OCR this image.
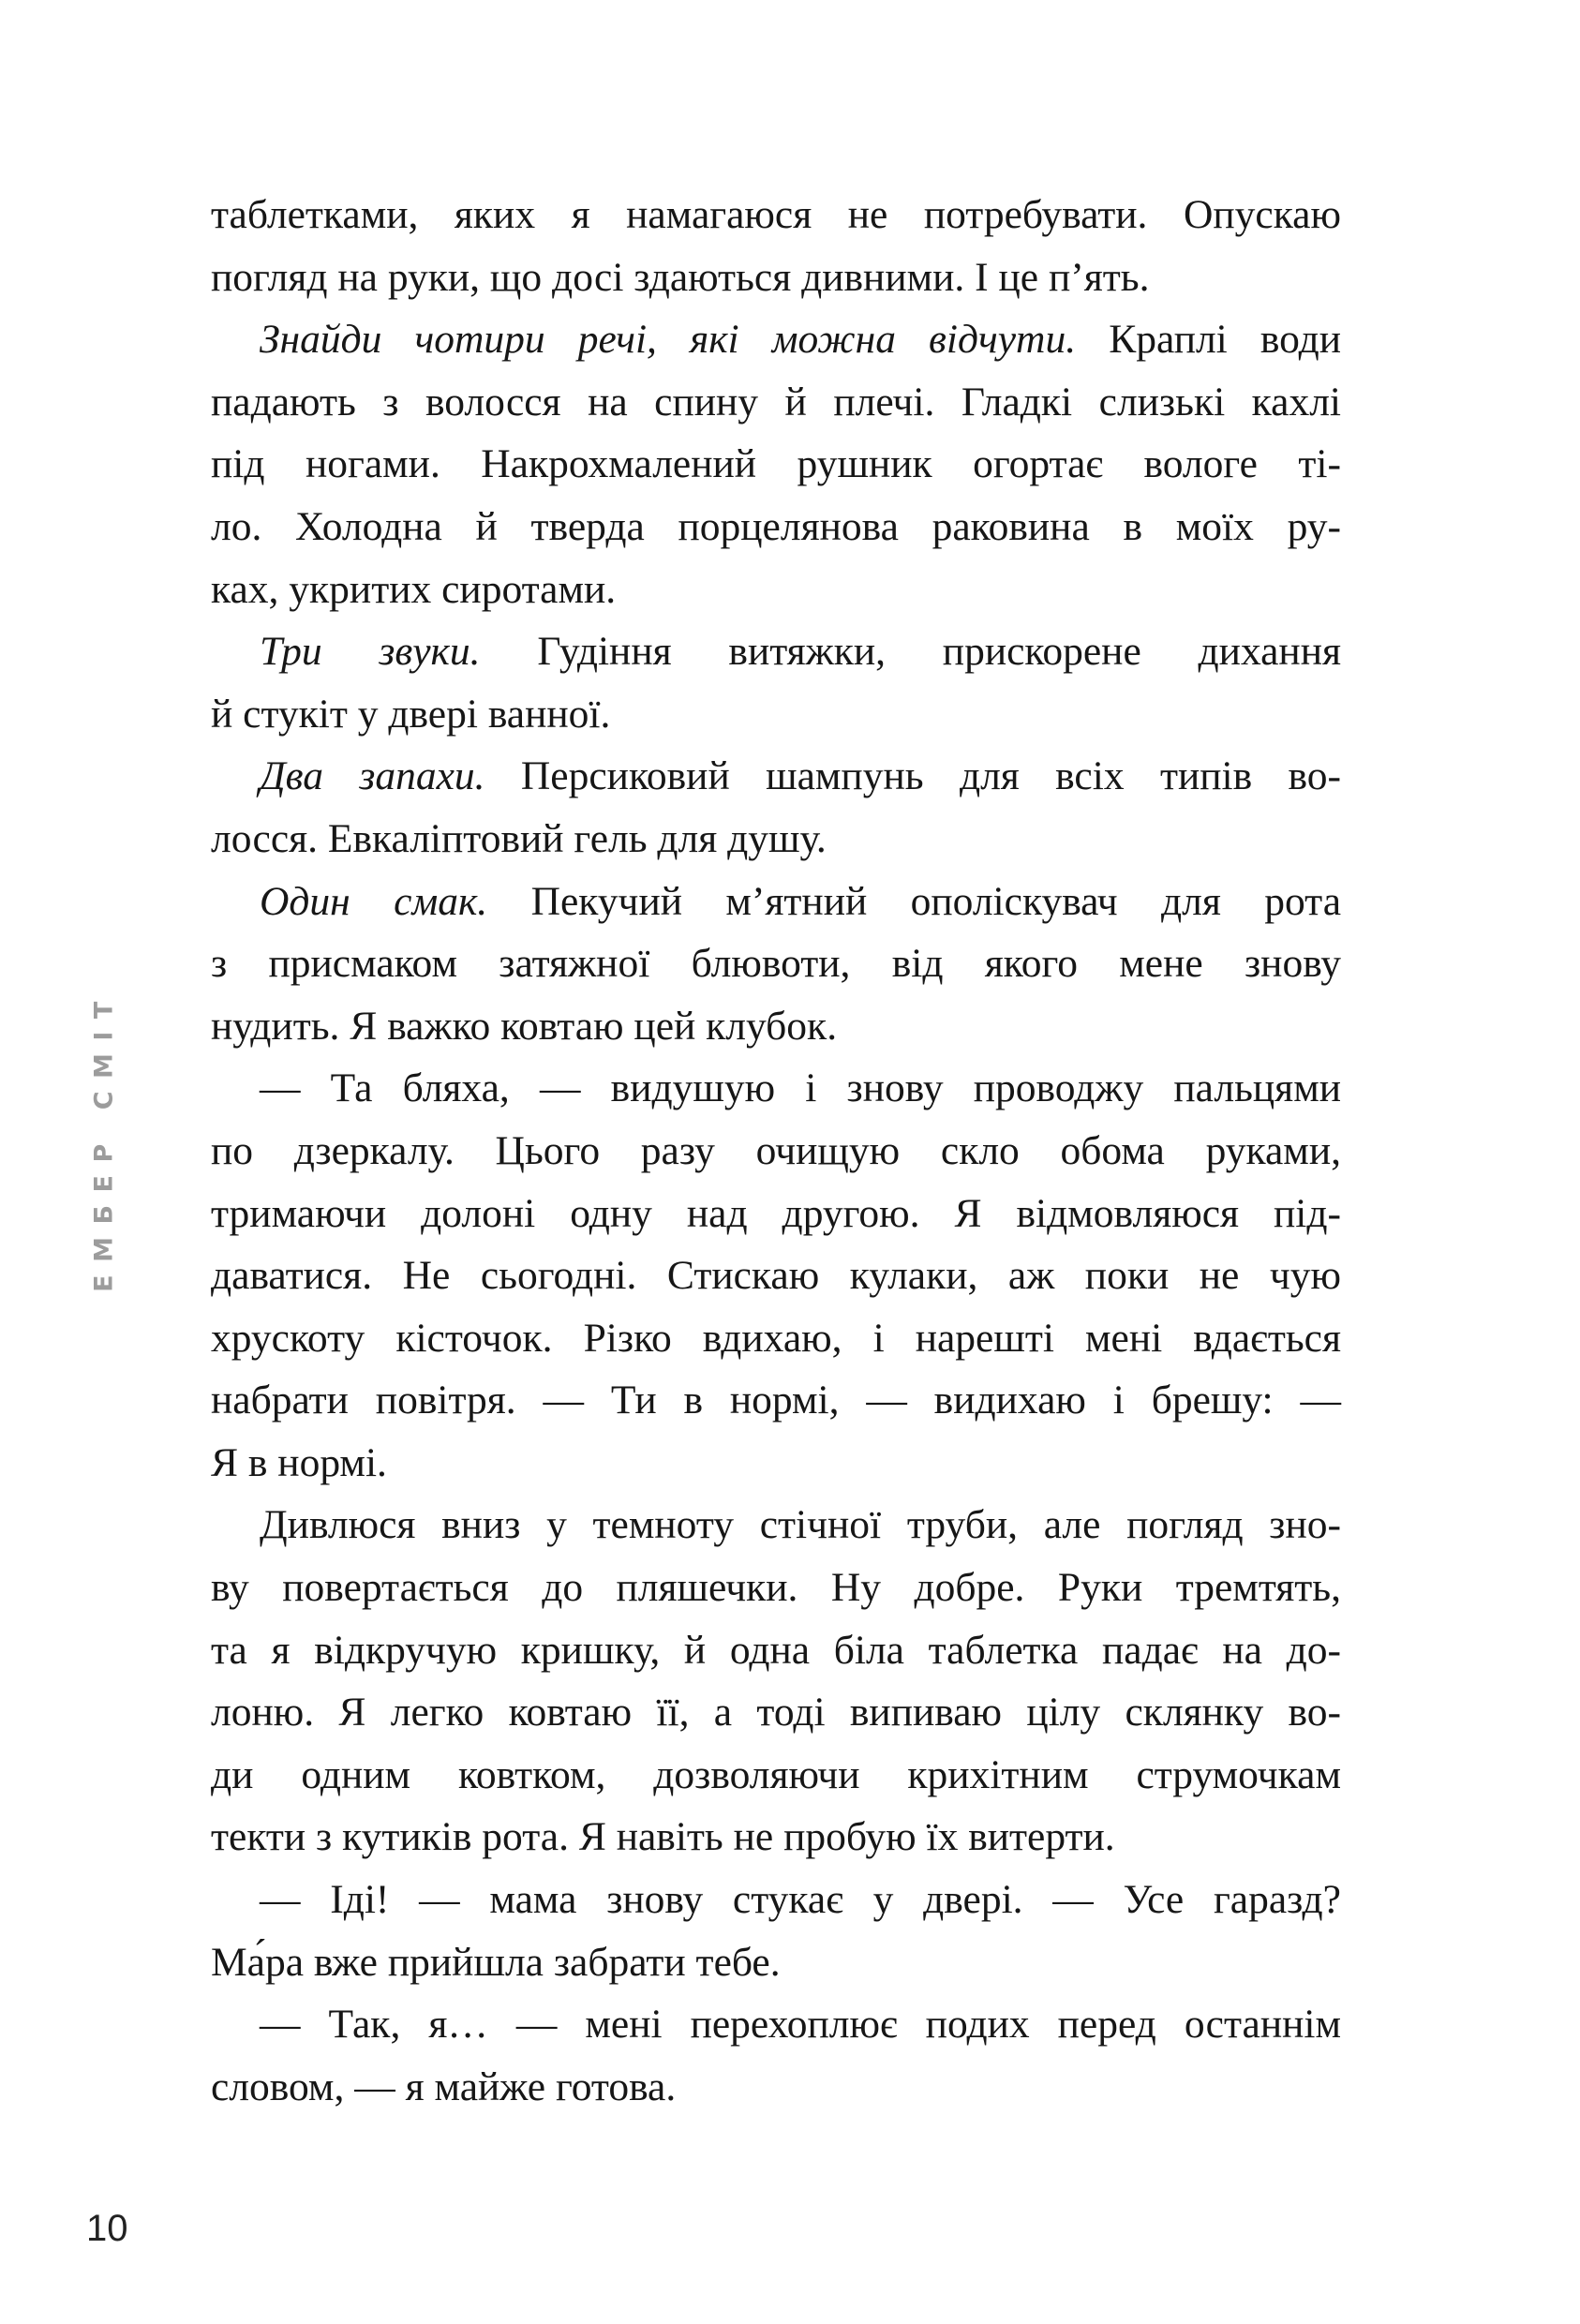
ЕМБЕР СМІТ
таблетками, яких я намагаюся не потребувати. Опускаю
погляд на руки, що досі здаються дивними. І це п’ять.
Знайди чотири речі, які можна відчути. Краплі води
падають з волосся на спину й плечі. Гладкі слизькі кахлі
під ногами. Накрохмалений рушник огортає вологе ті-
ло. Холодна й тверда порцелянова раковина в моїх ру-
ках, укритих сиротами.
Три звуки. Гудіння витяжки, прискорене дихання
й стукіт у двері ванної.
Два запахи. Персиковий шампунь для всіх типів во-
лосся. Евкаліптовий гель для душу.
Один смак. Пекучий м’ятний ополіскувач для рота
з присмаком затяжної блювоти, від якого мене знову
нудить. Я важко ковтаю цей клубок.
— Та бляха, — видушую і знову проводжу пальцями
по дзеркалу. Цього разу очищую скло обома руками,
тримаючи долоні одну над другою. Я відмовляюся під-
даватися. Не сьогодні. Стискаю кулаки, аж поки не чую
хрускоту кісточок. Різко вдихаю, і нарешті мені вдається
набрати повітря. — Ти в нормі, — видихаю і брешу: —
Я в нормі.
Дивлюся вниз у темноту стічної труби, але погляд зно-
ву повертається до пляшечки. Ну добре. Руки тремтять,
та я відкручую кришку, й одна біла таблетка падає на до-
лоню. Я легко ковтаю її, а тоді випиваю цілу склянку во-
ди одним ковтком, дозволяючи крихітним струмочкам
текти з кутиків рота. Я навіть не пробую їх витерти.
— Іді! — мама знову стукає у двері. — Усе гаразд?
Ма́ра вже прийшла забрати тебе.
— Так, я… — мені перехоплює подих перед останнім
словом, — я майже готова.
10
